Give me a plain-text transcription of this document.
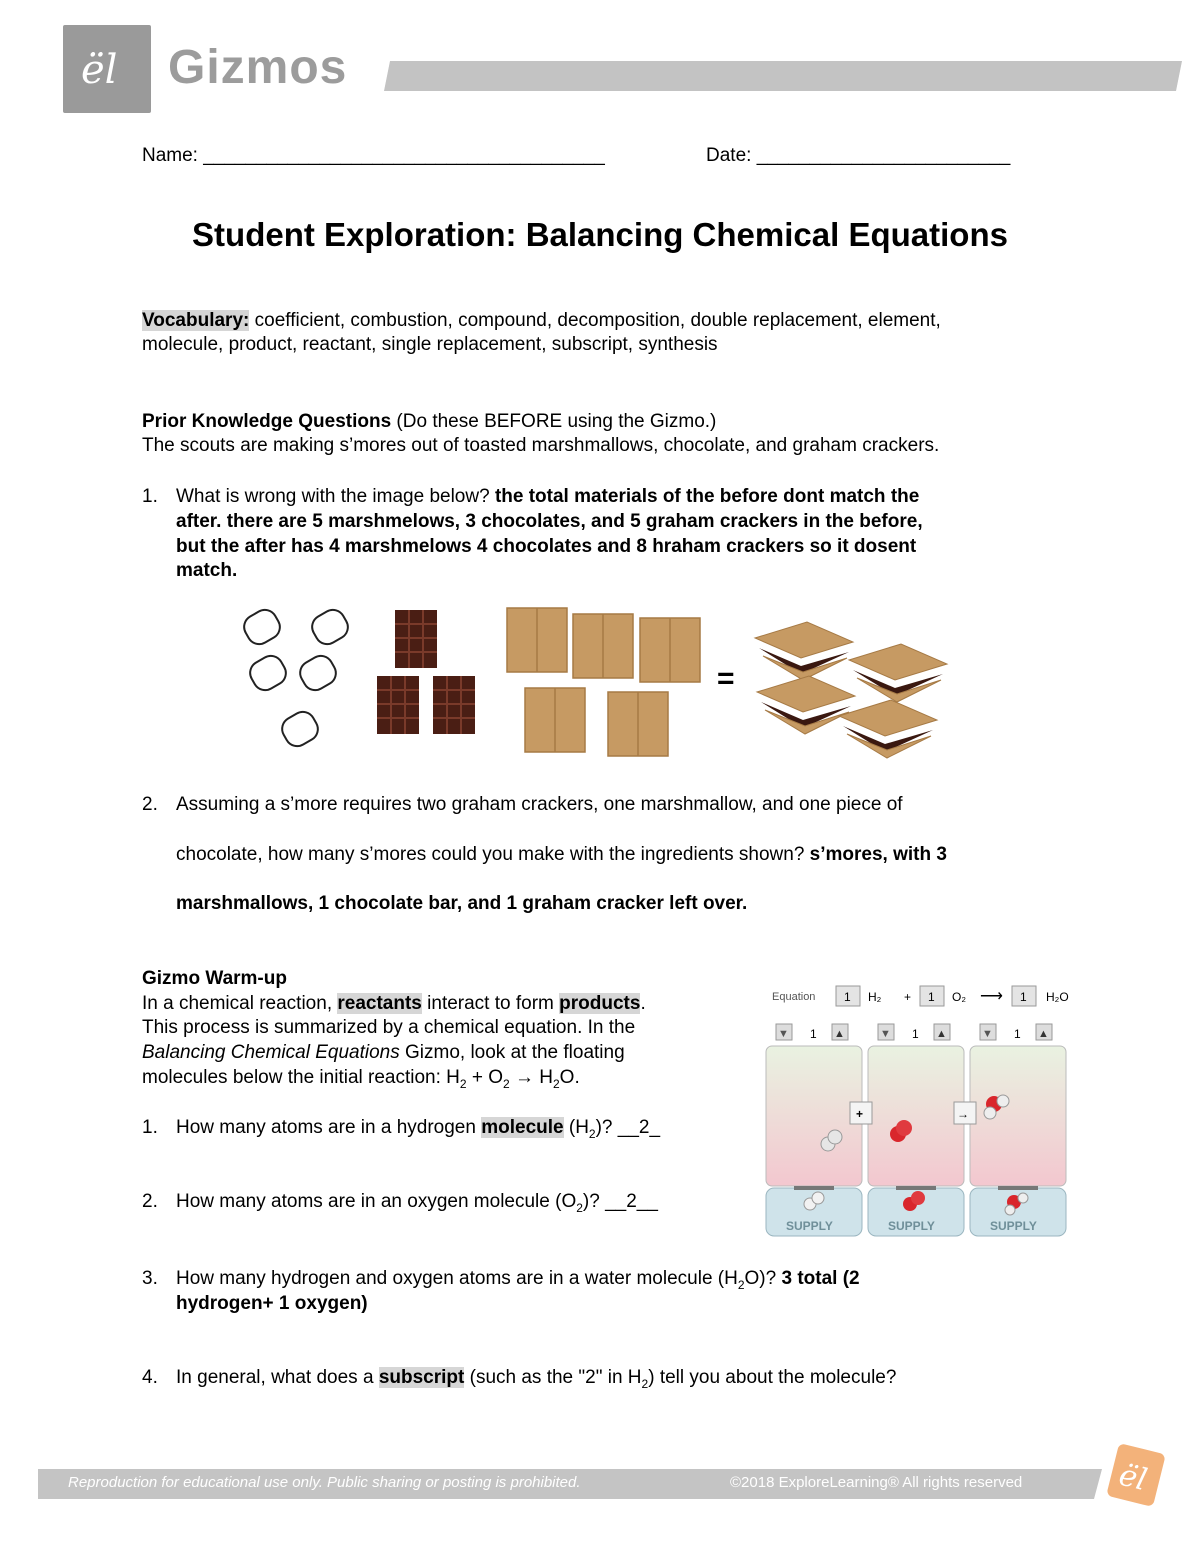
ël Gizmos
Name: ______________________________________	Date: ________________________
Student Exploration: Balancing Chemical Equations
Vocabulary: coefficient, combustion, compound, decomposition, double replacement, element,
molecule, product, reactant, single replacement, subscript, synthesis
Prior Knowledge Questions (Do these BEFORE using the Gizmo.)
The scouts are making s’mores out of toasted marshmallows, chocolate, and graham crackers.
1. What is wrong with the image below? the total materials of the before dont match the
after. there are 5 marshmelows, 3 chocolates, and 5 graham crackers in the before,
but the after has 4 marshmelows 4 chocolates and 8 hraham crackers so it dosent
match.
=
2. Assuming a s’more requires two graham crackers, one marshmallow, and one piece of
chocolate, how many s’mores could you make with the ingredients shown? s’mores, with 3
marshmallows, 1 chocolate bar, and 1 graham cracker left over.
Gizmo Warm-up
In a chemical reaction, reactants interact to form products.
This process is summarized by a chemical equation. In the
Balancing Chemical Equations Gizmo, look at the floating
molecules below the initial reaction: $H_2 + O_2 \to H_2O$.
1. How many atoms are in a hydrogen molecule $(H_2)$? __2_
2. How many atoms are in an oxygen molecule $(O_2)$? __2__
3. How many hydrogen and oxygen atoms are in a water molecule $(H_2O)$? 3 total (2
hydrogen+ 1 oxygen)
4. In general, what does a subscript (such as the "2" in $H_2$) tell you about the molecule?
Equation 1 H₂ + 1 O₂ ⟶ 1 H₂O
▼ 1 ▲	▼ 1 ▲	▼ 1 ▲
+	→
SUPPLY	SUPPLY	SUPPLY
Reproduction for educational use only. Public sharing or posting is prohibited.	©2018 ExploreLearning® All rights reserved	ël
